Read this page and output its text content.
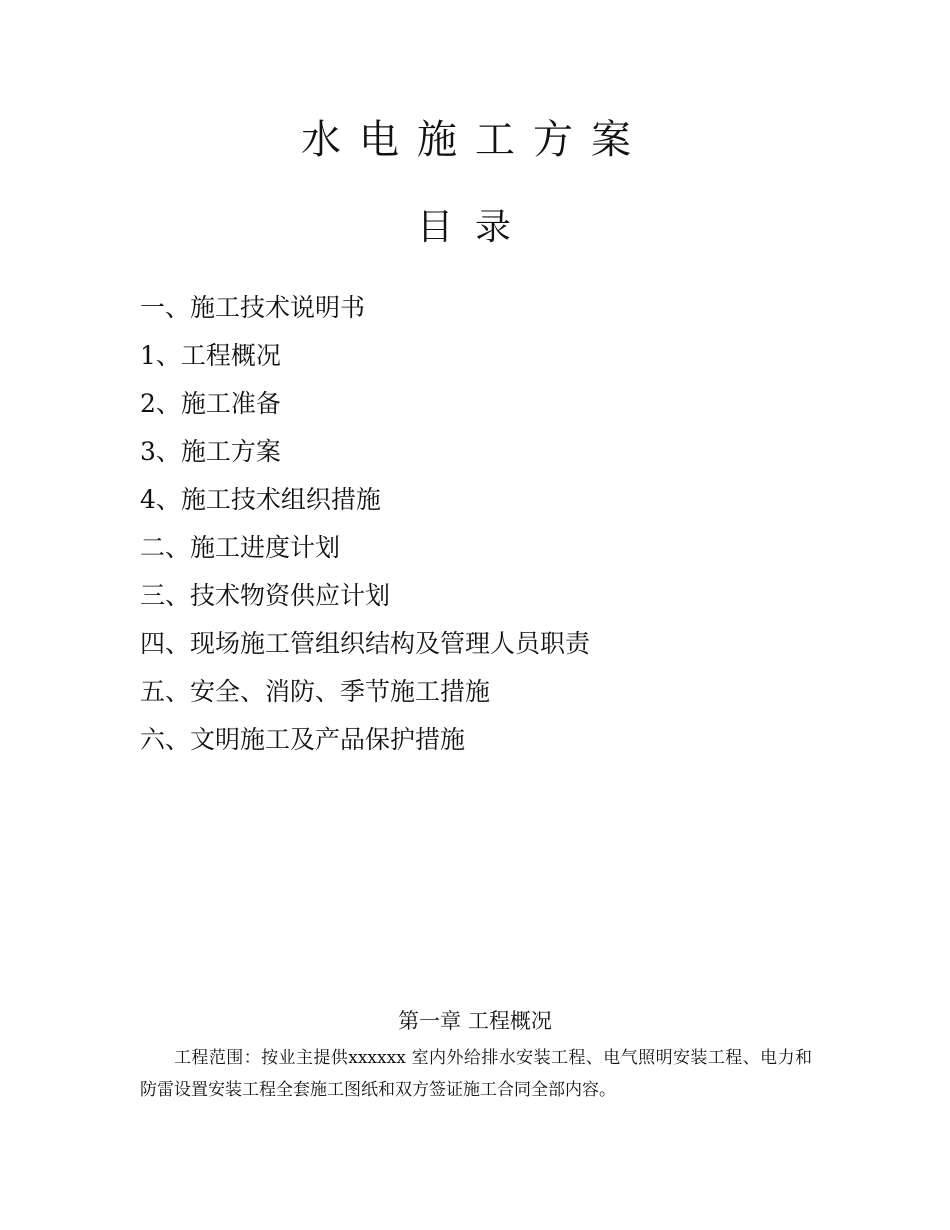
水电施工方案
目录
一、施工技术说明书
1、工程概况
2、施工准备
3、施工方案
4、施工技术组织措施
二、施工进度计划
三、技术物资供应计划
四、现场施工管组织结构及管理人员职责
五、安全、消防、季节施工措施
六、文明施工及产品保护措施
第一章 工程概况

工程范围：按业主提供xxxxxx 室内外给排水安装工程、电气照明安装工程、电力和防雷设置安装工程全套施工图纸和双方签证施工合同全部内容。
